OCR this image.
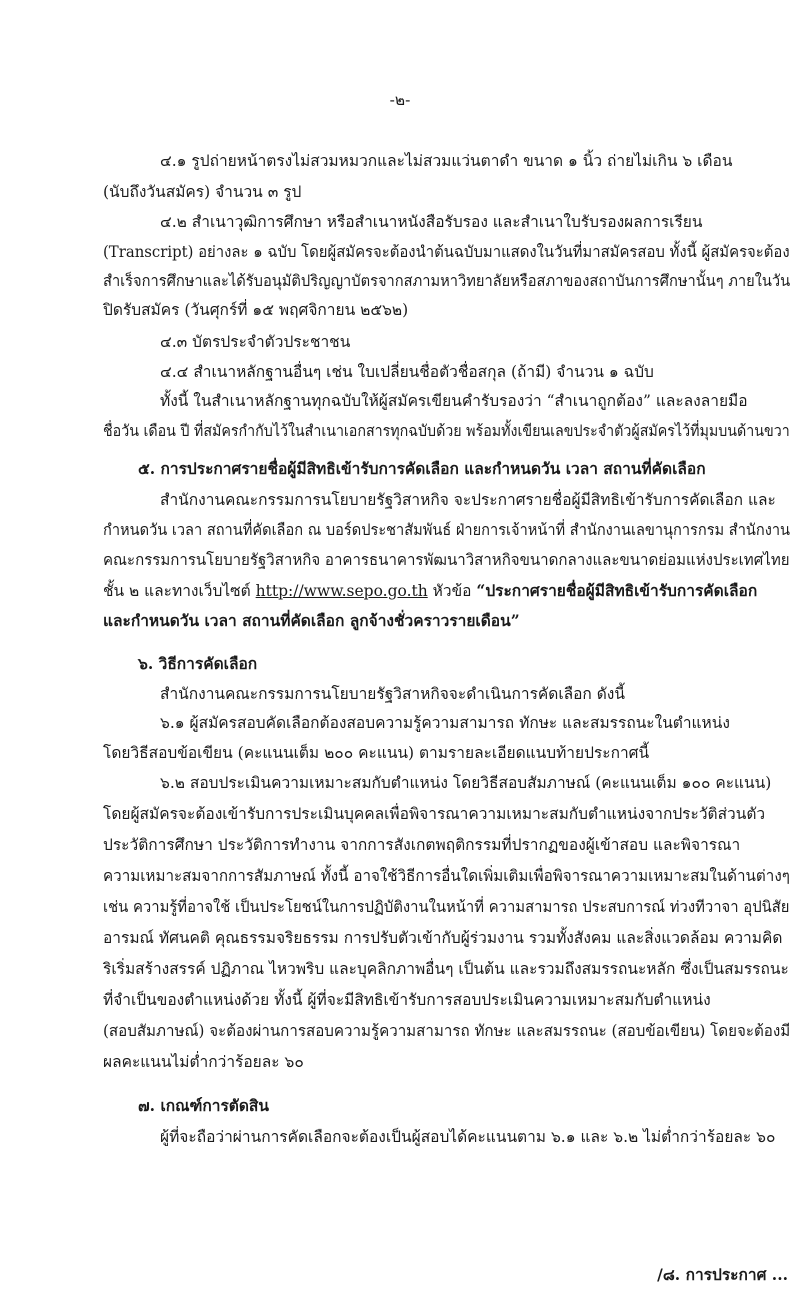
-๒-
๔.๑ รูปถ่ายหน้าตรงไม่สวมหมวกและไม่สวมแว่นตาดำ ขนาด ๑ นิ้ว ถ่ายไม่เกิน ๖ เดือน
(นับถึงวันสมัคร) จำนวน ๓ รูป
๔.๒ สำเนาวุฒิการศึกษา หรือสำเนาหนังสือรับรอง และสำเนาใบรับรองผลการเรียน
(Transcript) อย่างละ ๑ ฉบับ โดยผู้สมัครจะต้องนำต้นฉบับมาแสดงในวันที่มาสมัครสอบ ทั้งนี้ ผู้สมัครจะต้อง
สำเร็จการศึกษาและได้รับอนุมัติปริญญาบัตรจากสภามหาวิทยาลัยหรือสภาของสถาบันการศึกษานั้นๆ ภายในวัน
ปิดรับสมัคร (วันศุกร์ที่ ๑๕ พฤศจิกายน ๒๕๖๒)
๔.๓ บัตรประจำตัวประชาชน
๔.๔ สำเนาหลักฐานอื่นๆ เช่น ใบเปลี่ยนชื่อตัวชื่อสกุล (ถ้ามี) จำนวน ๑ ฉบับ
ทั้งนี้ ในสำเนาหลักฐานทุกฉบับให้ผู้สมัครเขียนคำรับรองว่า “สำเนาถูกต้อง” และลงลายมือ
ชื่อวัน เดือน ปี ที่สมัครกำกับไว้ในสำเนาเอกสารทุกฉบับด้วย พร้อมทั้งเขียนเลขประจำตัวผู้สมัครไว้ที่มุมบนด้านขวา
๕. การประกาศรายชื่อผู้มีสิทธิเข้ารับการคัดเลือก และกำหนดวัน เวลา สถานที่คัดเลือก
สำนักงานคณะกรรมการนโยบายรัฐวิสาหกิจ จะประกาศรายชื่อผู้มีสิทธิเข้ารับการคัดเลือก และ
กำหนดวัน เวลา สถานที่คัดเลือก ณ บอร์ดประชาสัมพันธ์ ฝ่ายการเจ้าหน้าที่ สำนักงานเลขานุการกรม สำนักงาน
คณะกรรมการนโยบายรัฐวิสาหกิจ อาคารธนาคารพัฒนาวิสาหกิจขนาดกลางและขนาดย่อมแห่งประเทศไทย
ชั้น ๒ และทางเว็บไซต์ http://www.sepo.go.th หัวข้อ “ประกาศรายชื่อผู้มีสิทธิเข้ารับการคัดเลือก
และกำหนดวัน เวลา สถานที่คัดเลือก ลูกจ้างชั่วคราวรายเดือน”
๖. วิธีการคัดเลือก
สำนักงานคณะกรรมการนโยบายรัฐวิสาหกิจจะดำเนินการคัดเลือก ดังนี้
๖.๑ ผู้สมัครสอบคัดเลือกต้องสอบความรู้ความสามารถ ทักษะ และสมรรถนะในตำแหน่ง
โดยวิธีสอบข้อเขียน (คะแนนเต็ม ๒๐๐ คะแนน) ตามรายละเอียดแนบท้ายประกาศนี้
๖.๒ สอบประเมินความเหมาะสมกับตำแหน่ง โดยวิธีสอบสัมภาษณ์ (คะแนนเต็ม ๑๐๐ คะแนน)
โดยผู้สมัครจะต้องเข้ารับการประเมินบุคคลเพื่อพิจารณาความเหมาะสมกับตำแหน่งจากประวัติส่วนตัว
ประวัติการศึกษา ประวัติการทำงาน จากการสังเกตพฤติกรรมที่ปรากฏของผู้เข้าสอบ และพิจารณา
ความเหมาะสมจากการสัมภาษณ์ ทั้งนี้ อาจใช้วิธีการอื่นใดเพิ่มเติมเพื่อพิจารณาความเหมาะสมในด้านต่างๆ
เช่น ความรู้ที่อาจใช้ เป็นประโยชน์ในการปฏิบัติงานในหน้าที่ ความสามารถ ประสบการณ์ ท่วงทีวาจา อุปนิสัย
อารมณ์ ทัศนคติ คุณธรรมจริยธรรม การปรับตัวเข้ากับผู้ร่วมงาน รวมทั้งสังคม และสิ่งแวดล้อม ความคิด
ริเริ่มสร้างสรรค์ ปฏิภาณ ไหวพริบ และบุคลิกภาพอื่นๆ เป็นต้น และรวมถึงสมรรถนะหลัก ซึ่งเป็นสมรรถนะ
ที่จำเป็นของตำแหน่งด้วย ทั้งนี้ ผู้ที่จะมีสิทธิเข้ารับการสอบประเมินความเหมาะสมกับตำแหน่ง
(สอบสัมภาษณ์) จะต้องผ่านการสอบความรู้ความสามารถ ทักษะ และสมรรถนะ (สอบข้อเขียน) โดยจะต้องมี
ผลคะแนนไม่ต่ำกว่าร้อยละ ๖๐
๗. เกณฑ์การตัดสิน
ผู้ที่จะถือว่าผ่านการคัดเลือกจะต้องเป็นผู้สอบได้คะแนนตาม ๖.๑ และ ๖.๒ ไม่ต่ำกว่าร้อยละ ๖๐
/๘. การประกาศ ...
